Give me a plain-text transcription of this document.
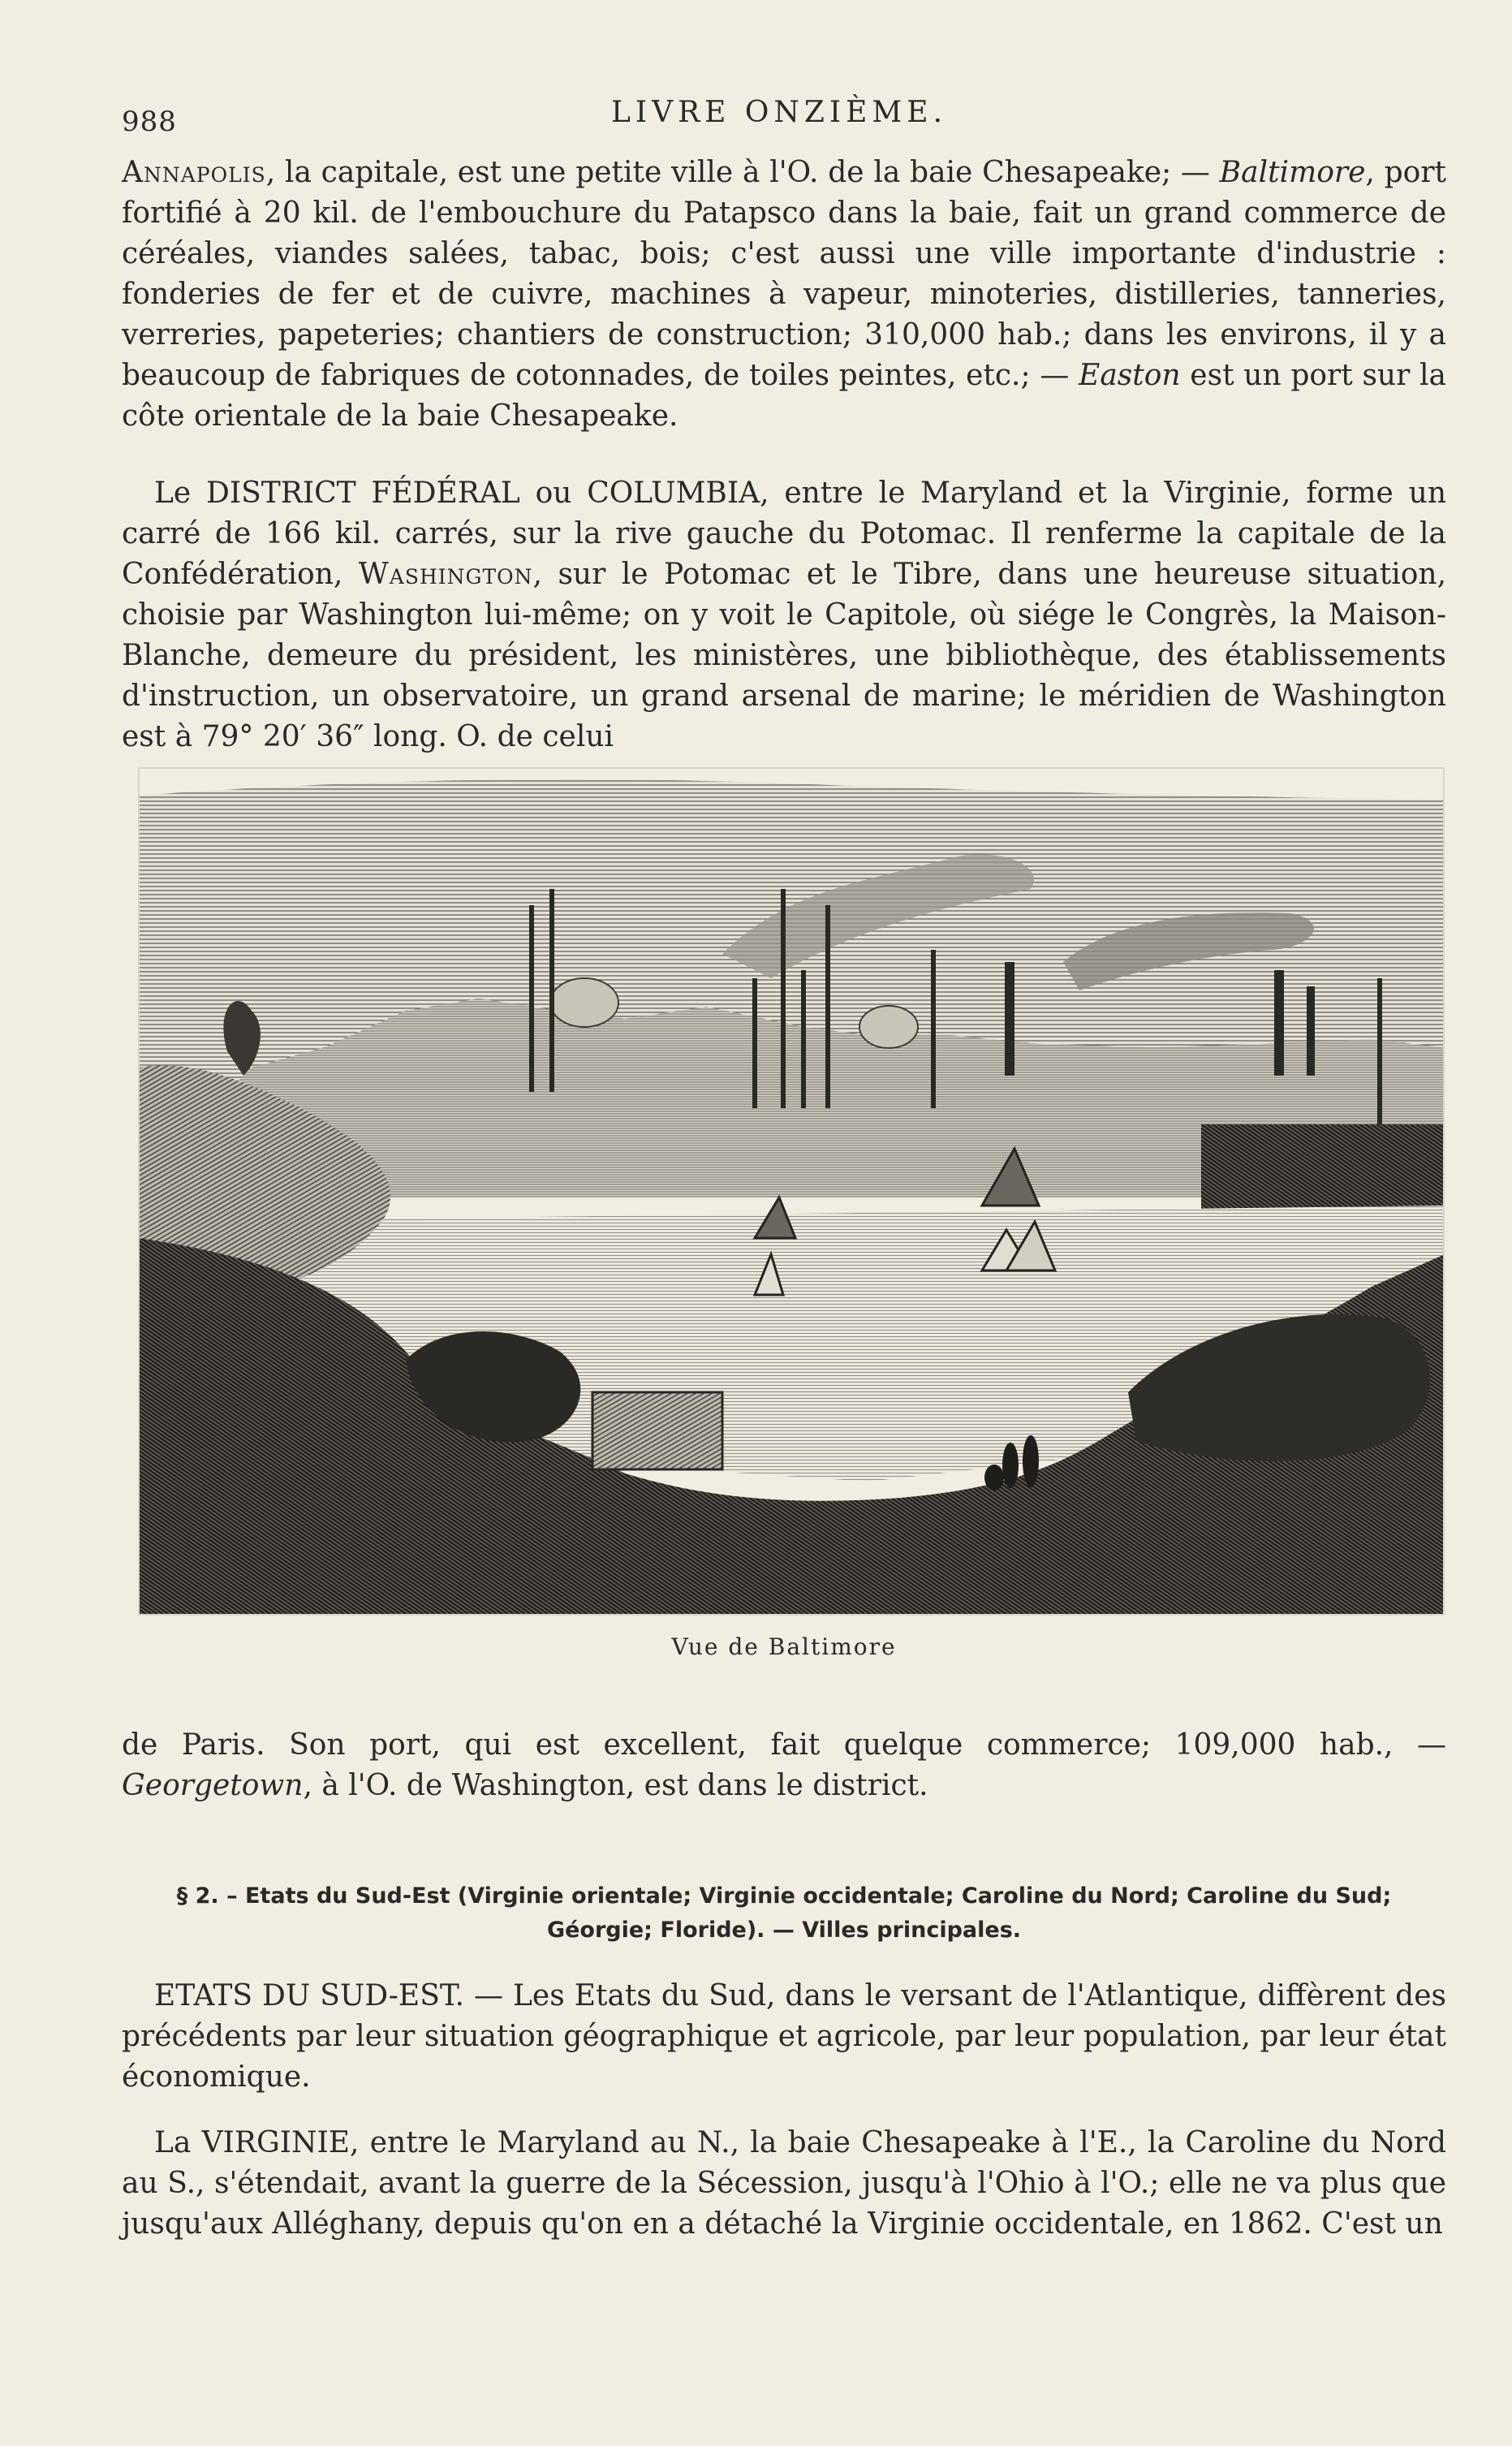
988	LIVRE ONZIÈME.

Annapolis, la capitale, est une petite ville à l'O. de la baie Chesapeake; — Baltimore, port fortifié à 20 kil. de l'embouchure du Patapsco dans la baie, fait un grand commerce de céréales, viandes salées, tabac, bois; c'est aussi une ville importante d'industrie : fonderies de fer et de cuivre, machines à vapeur, minoteries, distilleries, tanneries, verreries, papeteries; chantiers de construction; 310,000 hab.; dans les environs, il y a beaucoup de fabriques de cotonnades, de toiles peintes, etc.; — Easton est un port sur la côte orientale de la baie Chesapeake.

Le DISTRICT FÉDÉRAL ou COLUMBIA, entre le Maryland et la Virginie, forme un carré de 166 kil. carrés, sur la rive gauche du Potomac. Il renferme la capitale de la Confédération, Washington, sur le Potomac et le Tibre, dans une heureuse situation, choisie par Washington lui-même; on y voit le Capitole, où siége le Congrès, la Maison-Blanche, demeure du président, les ministères, une bibliothèque, des établissements d'instruction, un observatoire, un grand arsenal de marine; le méridien de Washington est à 79° 20′ 36″ long. O. de celui

Vue de Baltimore

de Paris. Son port, qui est excellent, fait quelque commerce; 109,000 hab., — Georgetown, à l'O. de Washington, est dans le district.

§ 2. – Etats du Sud-Est (Virginie orientale; Virginie occidentale; Caroline du Nord; Caroline du Sud; Géorgie; Floride). — Villes principales.

ETATS DU SUD-EST. — Les Etats du Sud, dans le versant de l'Atlantique, diffèrent des précédents par leur situation géographique et agricole, par leur population, par leur état économique.

La VIRGINIE, entre le Maryland au N., la baie Chesapeake à l'E., la Caroline du Nord au S., s'étendait, avant la guerre de la Sécession, jusqu'à l'Ohio à l'O.; elle ne va plus que jusqu'aux Alléghany, depuis qu'on en a détaché la Virginie occidentale, en 1862. C'est un
